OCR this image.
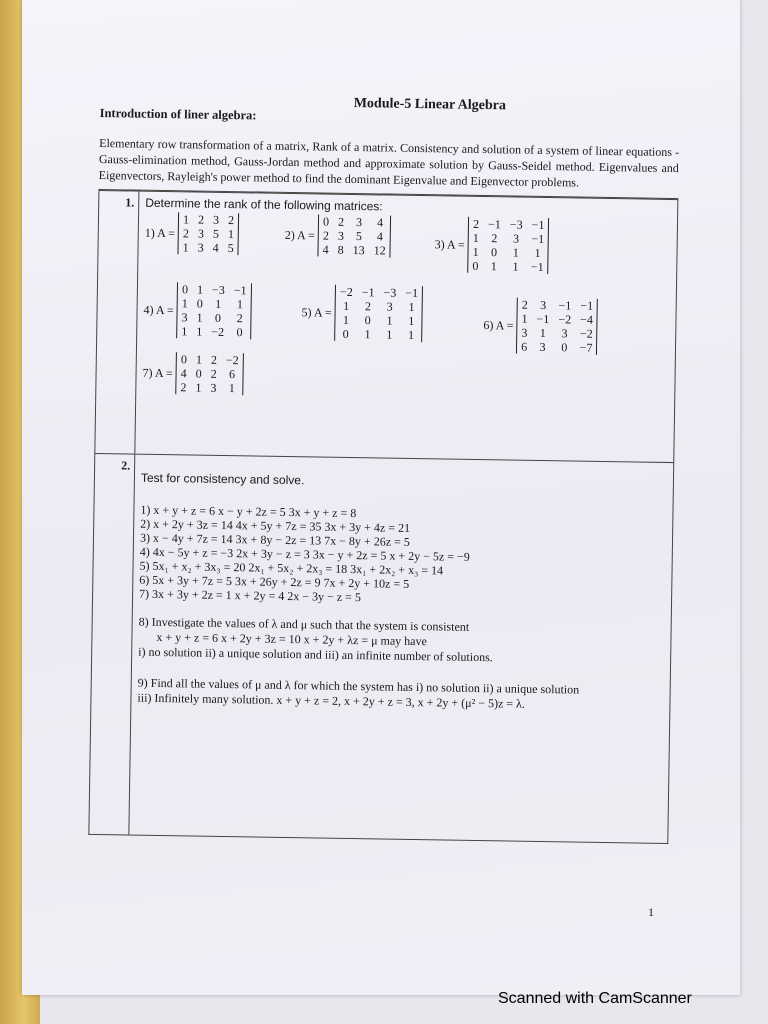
Module-5 Linear Algebra
Introduction of liner algebra:
Elementary row transformation of a matrix, Rank of a matrix. Consistency and solution of a system of linear equations - Gauss-elimination method, Gauss-Jordan method and approximate solution by Gauss-Seidel method. Eigenvalues and Eigenvectors, Rayleigh's power method to find the dominant Eigenvalue and Eigenvector problems.
1. Determine the rank of the following matrices:
1) A =
1 2 3 2
2 3 5 1
1 3 4 5
2) A =
0 2 3 4
2 3 5 4
4 8 13 12	3) A =
2 −1 −3 −1
1 2 3 −1
1 0 1 1
0 1 1 −1
4) A =
0 1 −3 −1
1 0 1 1
3 1 0 2
1 1 −2 0
5) A =
−2 −1 −3 −1
1 2 3 1
1 0 1 1
0 1 1 1
6) A =
2 3 −1 −1
1 −1 −2 −4
3 1 3 −2
6 3 0 −7
7) A =
0 1 2 −2
4 0 2 6
2 1 3 1
2.
Test for consistency and solve.
1) x + y + z = 6 x − y + 2z = 5 3x + y + z = 8
2) x + 2y + 3z = 14 4x + 5y + 7z = 35 3x + 3y + 4z = 21
3) x − 4y + 7z = 14 3x + 8y − 2z = 13 7x − 8y + 26z = 5
4) 4x − 5y + z = −3 2x + 3y − z = 3 3x − y + 2z = 5 x + 2y − 5z = −9
5) 5x₁ + x₂ + 3x₃ = 20 2x₁ + 5x₂ + 2x₃ = 18 3x₁ + 2x₂ + x₃ = 14
6) 5x + 3y + 7z = 5 3x + 26y + 2z = 9 7x + 2y + 10z = 5
7) 3x + 3y + 2z = 1 x + 2y = 4 2x − 3y − z = 5
8) Investigate the values of λ and μ such that the system is consistent
x + y + z = 6 x + 2y + 3z = 10 x + 2y + λz = μ may have
i) no solution ii) a unique solution and iii) an infinite number of solutions.
9) Find all the values of μ and λ for which the system has i) no solution ii) a unique solution
iii) Infinitely many solution. x + y + z = 2, x + 2y + z = 3, x + 2y + (μ² − 5)z = λ.
1
Scanned with CamScanner
